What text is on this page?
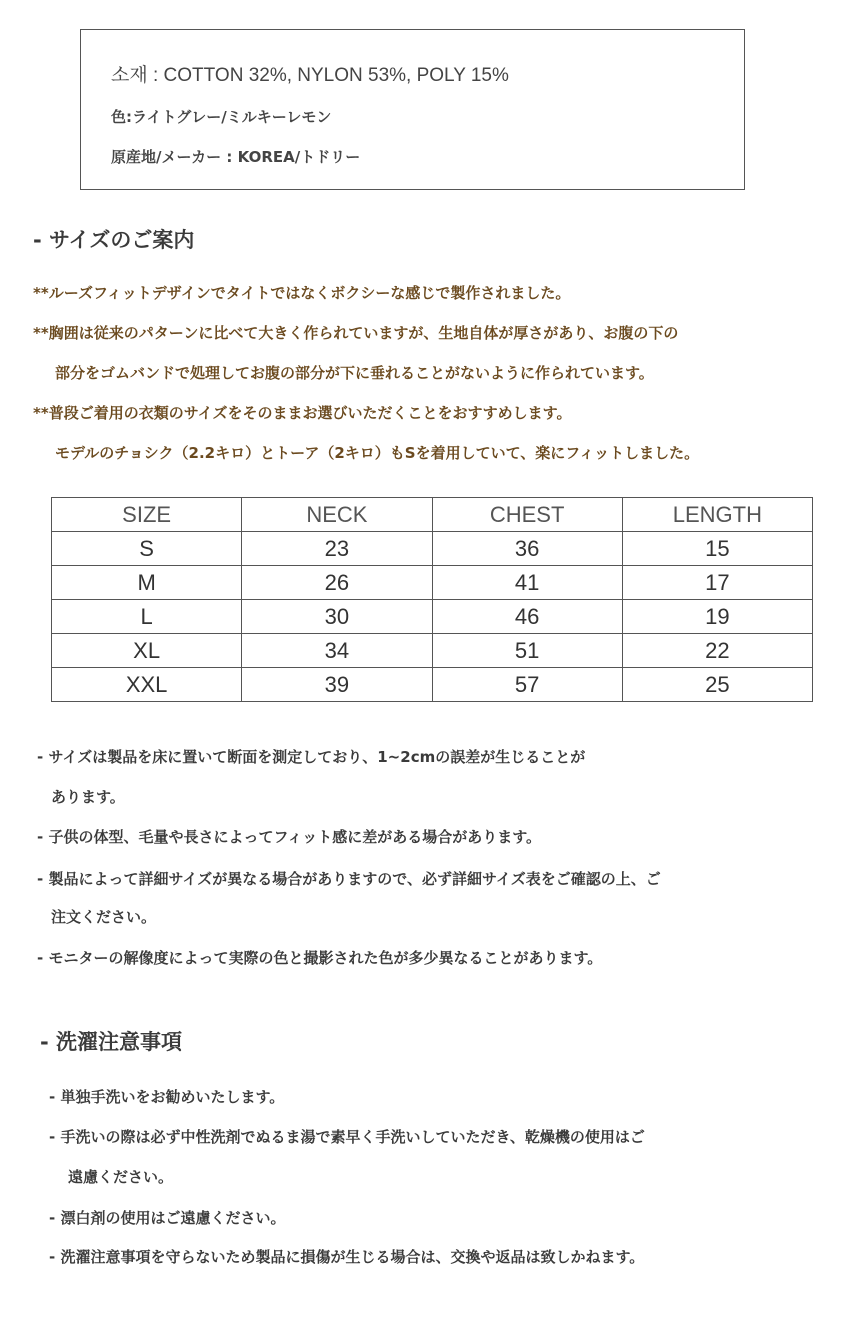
소재 : COTTON 32%, NYLON 53%, POLY 15%
色:ライトグレー/ミルキーレモン
原産地/メーカー : KOREA/トドリー
- サイズのご案内
**ルーズフィットデザインでタイトではなくボクシーな感じで製作されました。
**胸囲は従来のパターンに比べて大きく作られていますが、生地自体が厚さがあり、お腹の下の
部分をゴムバンドで処理してお腹の部分が下に垂れることがないように作られています。
**普段ご着用の衣類のサイズをそのままお選びいただくことをおすすめします。
モデルのチョシク（2.2キロ）とトーア（2キロ）もSを着用していて、楽にフィットしました。
SIZE	NECK	CHEST	LENGTH
S	23	36	15
M	26	41	17
L	30	46	19
XL	34	51	22
XXL	39	57	25
- サイズは製品を床に置いて断面を測定しており、1~2cmの誤差が生じることが
あります。
- 子供の体型、毛量や長さによってフィット感に差がある場合があります。
- 製品によって詳細サイズが異なる場合がありますので、必ず詳細サイズ表をご確認の上、ご
注文ください。
- モニターの解像度によって実際の色と撮影された色が多少異なることがあります。
- 洗濯注意事項
- 単独手洗いをお勧めいたします。
- 手洗いの際は必ず中性洗剤でぬるま湯で素早く手洗いしていただき、乾燥機の使用はご
遠慮ください。
- 漂白剤の使用はご遠慮ください。
- 洗濯注意事項を守らないため製品に損傷が生じる場合は、交換や返品は致しかねます。
